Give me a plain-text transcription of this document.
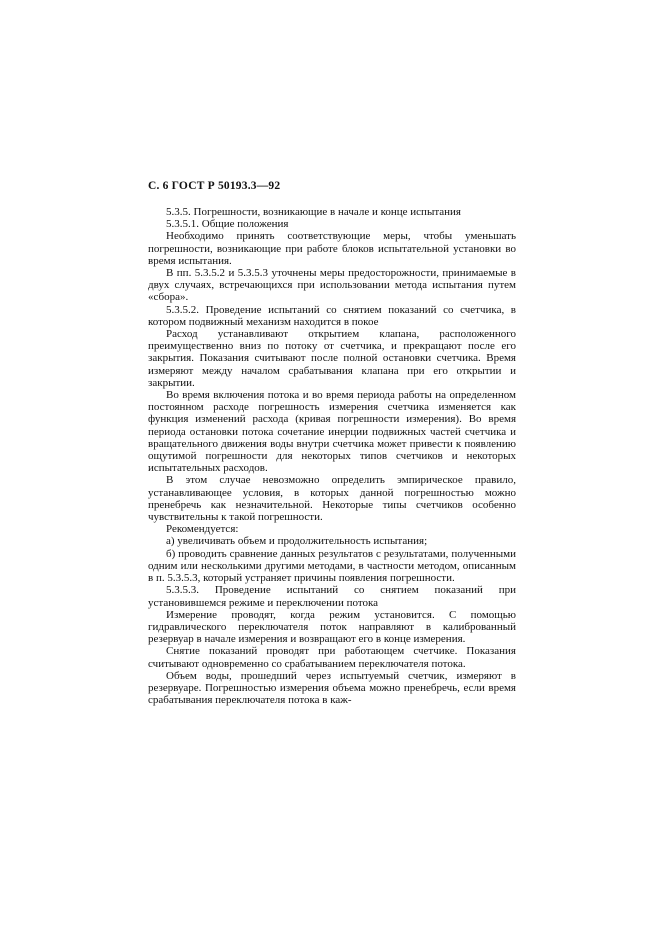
С. 6 ГОСТ Р 50193.3—92

5.3.5. Погрешности, возникающие в начале и конце испытания

5.3.5.1. Общие положения

Необходимо принять соответствующие меры, чтобы уменьшать погрешности, возникающие при работе блоков испытательной установки во время испытания.

В пп. 5.3.5.2 и 5.3.5.3 уточнены меры предосторожности, принимаемые в двух случаях, встречающихся при использовании метода испытания путем «сбора».

5.3.5.2. Проведение испытаний со снятием показаний со счетчика, в котором подвижный механизм находится в покое

Расход устанавливают открытием клапана, расположенного преимущественно вниз по потоку от счетчика, и прекращают после его закрытия. Показания считывают после полной остановки счетчика. Время измеряют между началом срабатывания клапана при его открытии и закрытии.

Во время включения потока и во время периода работы на определенном постоянном расходе погрешность измерения счетчика изменяется как функция изменений расхода (кривая погрешности измерения). Во время периода остановки потока сочетание инерции подвижных частей счетчика и вращательного движения воды внутри счетчика может привести к появлению ощутимой погрешности для некоторых типов счетчиков и некоторых испытательных расходов.

В этом случае невозможно определить эмпирическое правило, устанавливающее условия, в которых данной погрешностью можно пренебречь как незначительной. Некоторые типы счетчиков особенно чувствительны к такой погрешности.

Рекомендуется:

а) увеличивать объем и продолжительность испытания;

б) проводить сравнение данных результатов с результатами, полученными одним или несколькими другими методами, в частности методом, описанным в п. 5.3.5.3, который устраняет причины появления погрешности.

5.3.5.3. Проведение испытаний со снятием показаний при установившемся режиме и переключении потока

Измерение проводят, когда режим установится. С помощью гидравлического переключателя поток направляют в калиброванный резервуар в начале измерения и возвращают его в конце измерения.

Снятие показаний проводят при работающем счетчике. Показания считывают одновременно со срабатыванием переключателя потока.

Объем воды, прошедший через испытуемый счетчик, измеряют в резервуаре. Погрешностью измерения объема можно пренебречь, если время срабатывания переключателя потока в каж-
